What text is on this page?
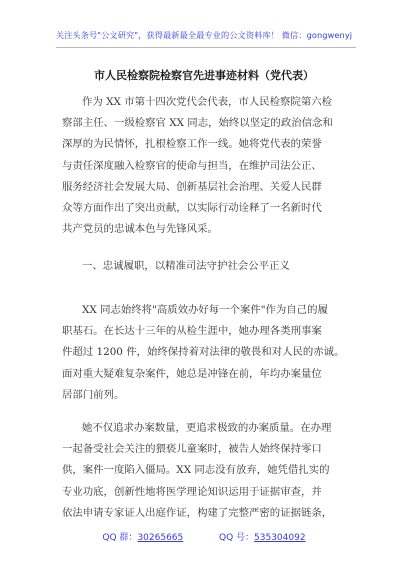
关注头条号"公文研究"，获得最新最全最专业的公文资料库！ 微信：gongwenyj
市人民检察院检察官先进事迹材料（党代表）

作为 XX 市第十四次党代会代表，市人民检察院第六检
察部主任、一级检察官 XX 同志，始终以坚定的政治信念和
深厚的为民情怀，扎根检察工作一线。她将党代表的荣誉
与责任深度融入检察官的使命与担当，在维护司法公正、
服务经济社会发展大局、创新基层社会治理、关爱人民群
众等方面作出了突出贡献，以实际行动诠释了一名新时代
共产党员的忠诚本色与先锋风采。

一、忠诚履职，以精准司法守护社会公平正义

XX 同志始终将"高质效办好每一个案件"作为自己的履
职基石。在长达十三年的从检生涯中，她办理各类刑事案
件超过 1200 件，始终保持着对法律的敬畏和对人民的赤诚。
面对重大疑难复杂案件，她总是冲锋在前，年均办案量位
居部门前列。

她不仅追求办案数量，更追求极致的办案质量。在办理
一起备受社会关注的猥亵儿童案时，被告人始终保持零口
供，案件一度陷入僵局。XX 同志没有放弃，她凭借扎实的
专业功底，创新性地将医学理论知识运用于证据审查，并
依法申请专家证人出庭作证，构建了完整严密的证据链条，

QQ 群：30265665	QQ 号：535304092
